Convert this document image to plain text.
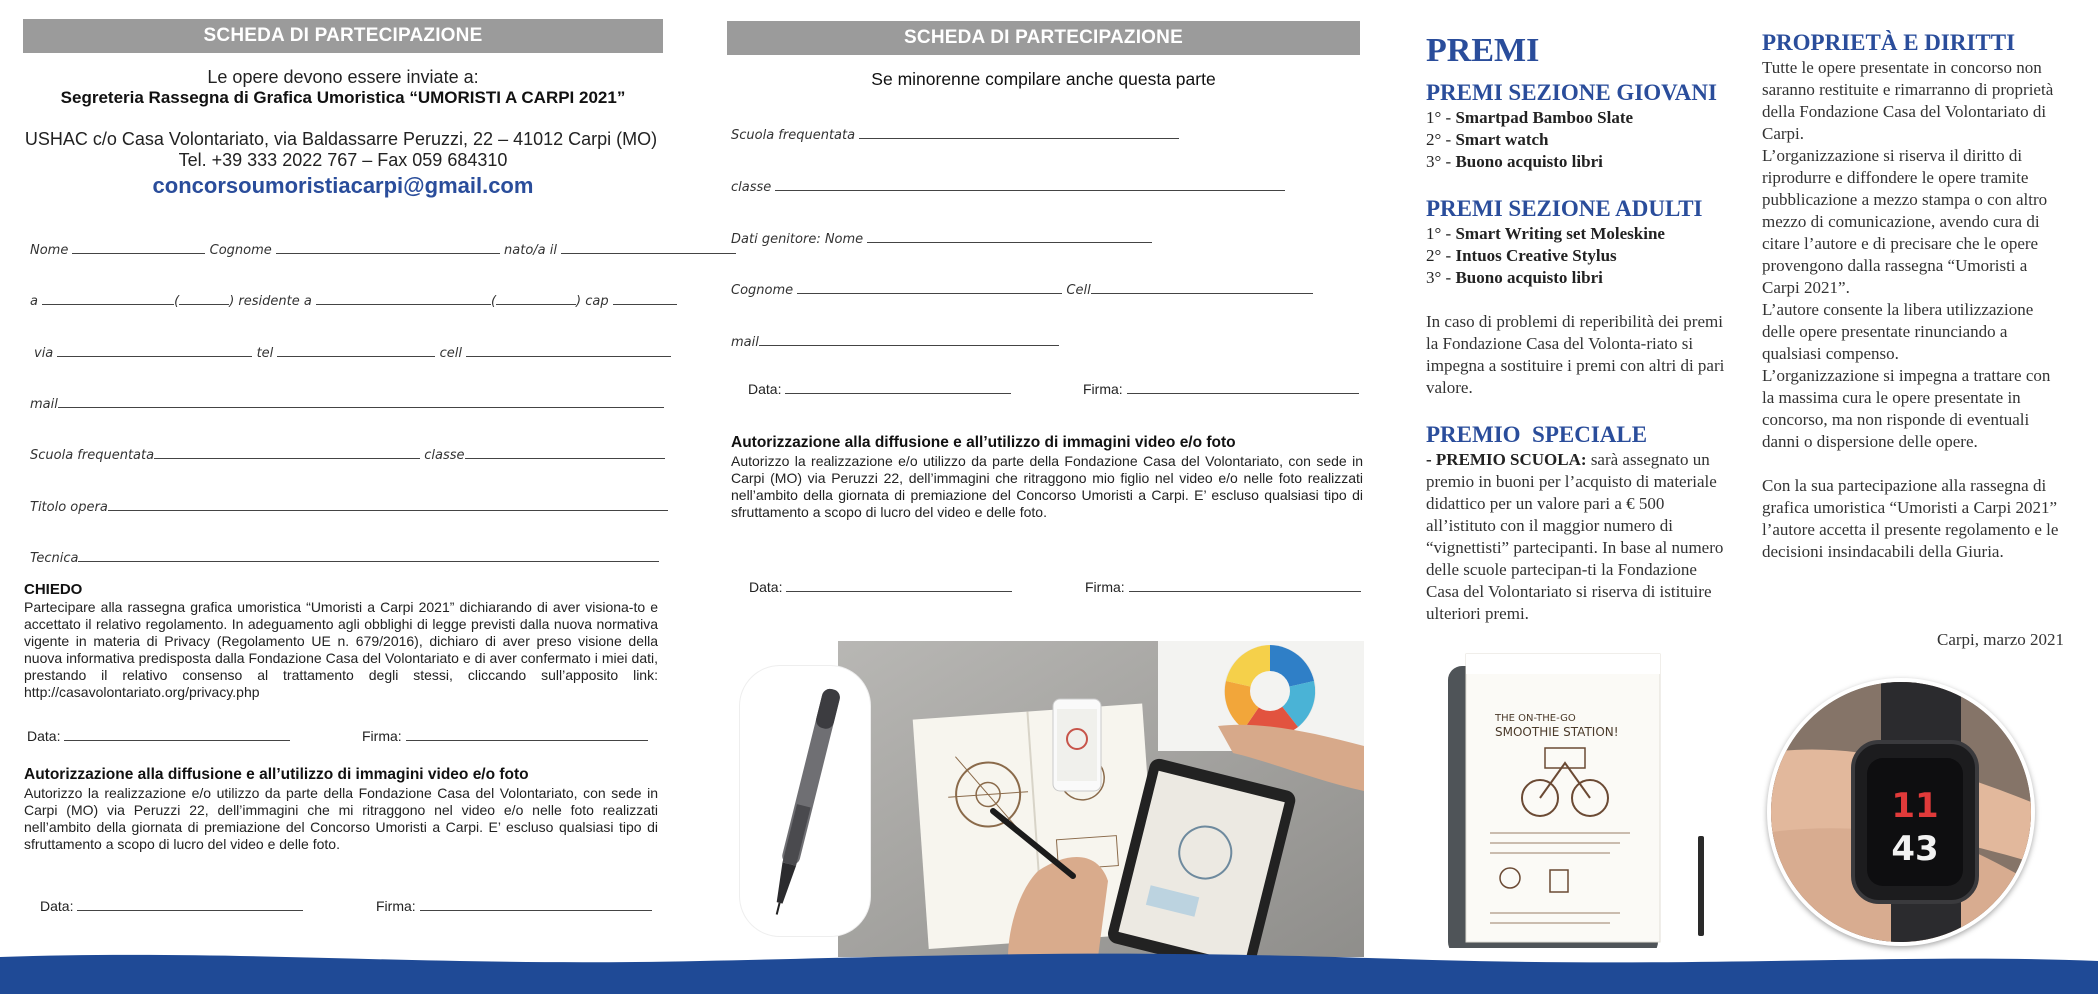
SCHEDA DI PARTECIPAZIONE
Le opere devono essere inviate a:
Segreteria Rassegna di Grafica Umoristica “UMORISTI A CARPI 2021”
USHAC c/o Casa Volontariato, via Baldassarre Peruzzi, 22 – 41012 Carpi (MO)
Tel. +39 333 2022 767 – Fax 059 684310
concorsoumoristiacarpi@gmail.com
Nome	Cognome	nato/a il
a	(	) residente a	(	) cap
via	tel	cell
mail
Scuola frequentata	classe
Titolo opera
Tecnica
CHIEDO
Partecipare alla rassegna grafica umoristica “Umoristi a Carpi 2021” dichiarando di aver visiona-to e accettato il relativo regolamento. In adeguamento agli obblighi di legge previsti dalla nuova normativa vigente in materia di Privacy (Regolamento UE n. 679/2016), dichiaro di aver preso visione della nuova informativa predisposta dalla Fondazione Casa del Volontariato e di aver confermato i miei dati, prestando il relativo consenso al trattamento degli stessi, cliccando sull’apposito link: http://casavolontariato.org/privacy.php
Data:	Firma:
Autorizzazione alla diffusione e all’utilizzo di immagini video e/o foto
Autorizzo la realizzazione e/o utilizzo da parte della Fondazione Casa del Volontariato, con sede in Carpi (MO) via Peruzzi 22, dell’immagini che mi ritraggono nel video e/o nelle foto realizzati nell’ambito della giornata di premiazione del Concorso Umoristi a Carpi. E’ escluso qualsiasi tipo di sfruttamento a scopo di lucro del video e delle foto.
Data:	Firma:
SCHEDA DI PARTECIPAZIONE
Se minorenne compilare anche questa parte
Scuola frequentata
classe
Dati genitore: Nome
Cognome	Cell
mail
Data:	Firma:
Autorizzazione alla diffusione e all’utilizzo di immagini video e/o foto
Autorizzo la realizzazione e/o utilizzo da parte della Fondazione Casa del Volontariato, con sede in Carpi (MO) via Peruzzi 22, dell’immagini che ritraggono mio figlio nel video e/o nelle foto realizzati nell’ambito della giornata di premiazione del Concorso Umoristi a Carpi. E’ escluso qualsiasi tipo di sfruttamento a scopo di lucro del video e delle foto.
Data:	Firma:
PREMI
PREMI SEZIONE GIOVANI
1° - Smartpad Bamboo Slate
2° - Smart watch
3° - Buono acquisto libri
PREMI SEZIONE ADULTI
1° - Smart Writing set Moleskine
2° - Intuos Creative Stylus
3° - Buono acquisto libri
In caso di problemi di reperibilità dei premi la Fondazione Casa del Volonta-riato si impegna a sostituire i premi con altri di pari valore.
PREMIO  SPECIALE
- PREMIO SCUOLA: sarà assegnato un premio in buoni per l’acquisto di materiale didattico per un valore pari a € 500 all’istituto con il maggior numero di “vignettisti” partecipanti. In base al numero delle scuole partecipan-ti la Fondazione Casa del Volontariato si riserva di istituire ulteriori premi.
THE ON-THE-GO
SMOOTHIE STATION!
PROPRIETÀ E DIRITTI
Tutte le opere presentate in concorso non saranno restituite e rimarranno di proprietà della Fondazione Casa del Volontariato di Carpi.
L’organizzazione si riserva il diritto di riprodurre e diffondere le opere tramite pubblicazione a mezzo stampa o con altro mezzo di comunicazione, avendo cura di citare l’autore e di precisare che le opere provengono dalla rassegna “Umoristi a Carpi 2021”.
L’autore consente la libera utilizzazione delle opere presentate rinunciando a qualsiasi compenso.
L’organizzazione si impegna a trattare con la massima cura le opere presentate in concorso, ma non risponde di eventuali danni o dispersione delle opere.
Con la sua partecipazione alla rassegna di grafica umoristica “Umoristi a Carpi 2021” l’autore accetta il presente regolamento e le decisioni insindacabili della Giuria.
Carpi, marzo 2021
11
43
